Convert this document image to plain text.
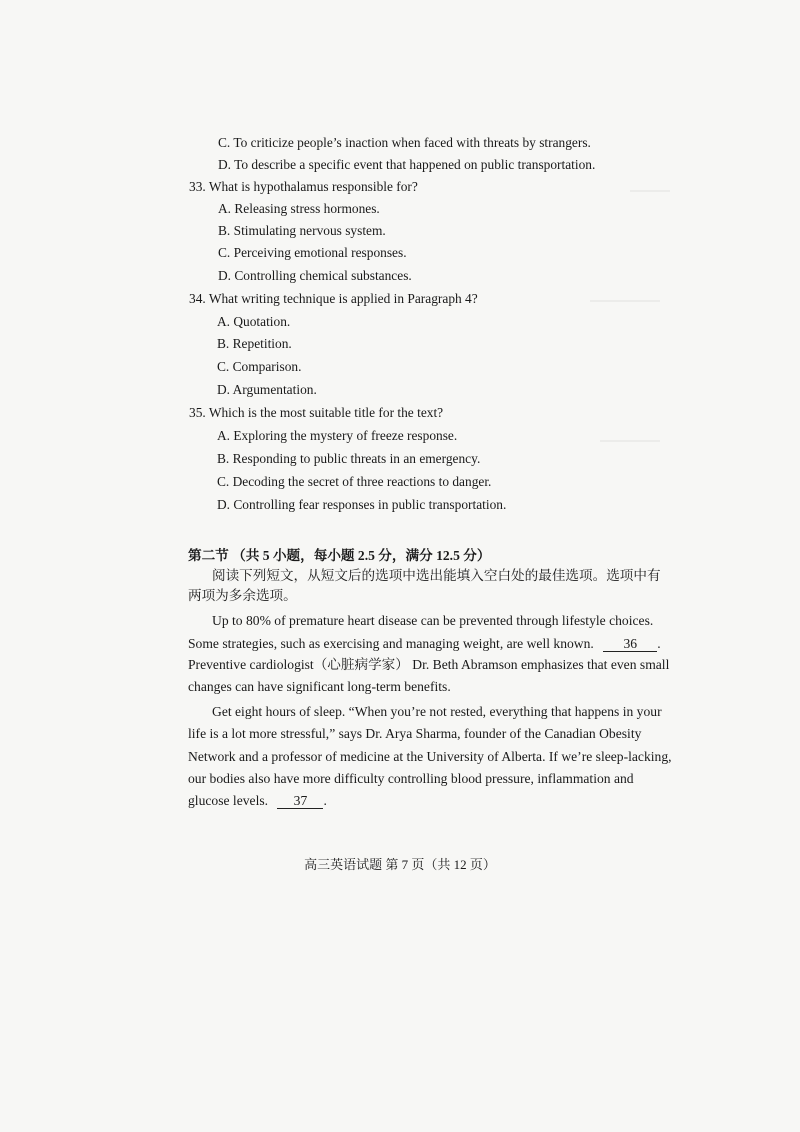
C. To criticize people’s inaction when faced with threats by strangers.
D. To describe a specific event that happened on public transportation.
33. What is hypothalamus responsible for?
A. Releasing stress hormones.
B. Stimulating nervous system.
C. Perceiving emotional responses.
D. Controlling chemical substances.
34. What writing technique is applied in Paragraph 4?
A. Quotation.
B. Repetition.
C. Comparison.
D. Argumentation.
35. Which is the most suitable title for the text?
A. Exploring the mystery of freeze response.
B. Responding to public threats in an emergency.
C. Decoding the secret of three reactions to danger.
D. Controlling fear responses in public transportation.
第二节 （共 5 小题，每小题 2.5 分，满分 12.5 分）
阅读下列短文，从短文后的选项中选出能填入空白处的最佳选项。选项中有
两项为多余选项。
Up to 80% of premature heart disease can be prevented through lifestyle choices.
Some strategies, such as exercising and managing weight, are well known. 36 .
Preventive cardiologist（心脏病学家） Dr. Beth Abramson emphasizes that even small
changes can have significant long-term benefits.
Get eight hours of sleep. “When you’re not rested, everything that happens in your
life is a lot more stressful,” says Dr. Arya Sharma, founder of the Canadian Obesity
Network and a professor of medicine at the University of Alberta. If we’re sleep-lacking,
our bodies also have more difficulty controlling blood pressure, inflammation and
glucose levels. 37 .
高三英语试题 第 7 页（共 12 页）
